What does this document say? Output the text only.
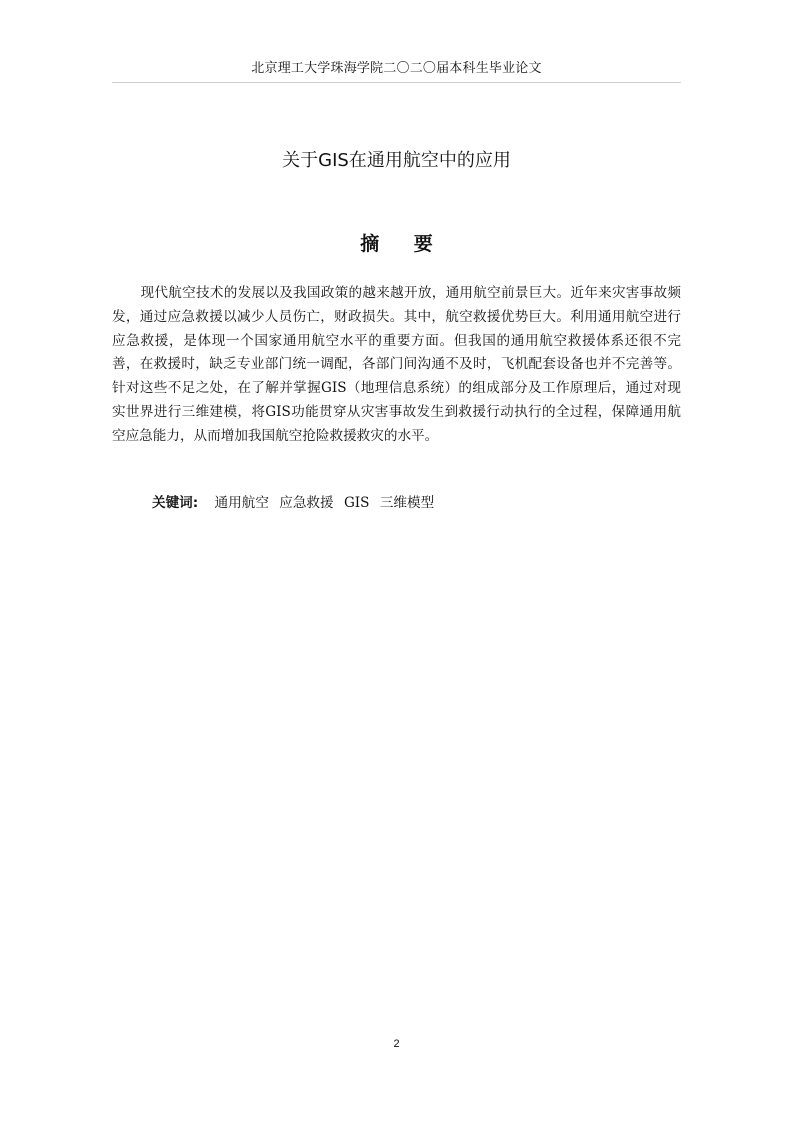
北京理工大学珠海学院二〇二〇届本科生毕业论文
关于GIS在通用航空中的应用
摘 要

现代航空技术的发展以及我国政策的越来越开放，通用航空前景巨大。近年来灾害事故频发，通过应急救援以减少人员伤亡，财政损失。其中，航空救援优势巨大。利用通用航空进行应急救援，是体现一个国家通用航空水平的重要方面。但我国的通用航空救援体系还很不完善，在救援时，缺乏专业部门统一调配，各部门间沟通不及时，飞机配套设备也并不完善等。针对这些不足之处，在了解并掌握GIS（地理信息系统）的组成部分及工作原理后，通过对现实世界进行三维建模，将GIS功能贯穿从灾害事故发生到救援行动执行的全过程，保障通用航空应急能力，从而增加我国航空抢险救援救灾的水平。

关键词: 通用航空 应急救援 GIS 三维模型
2
